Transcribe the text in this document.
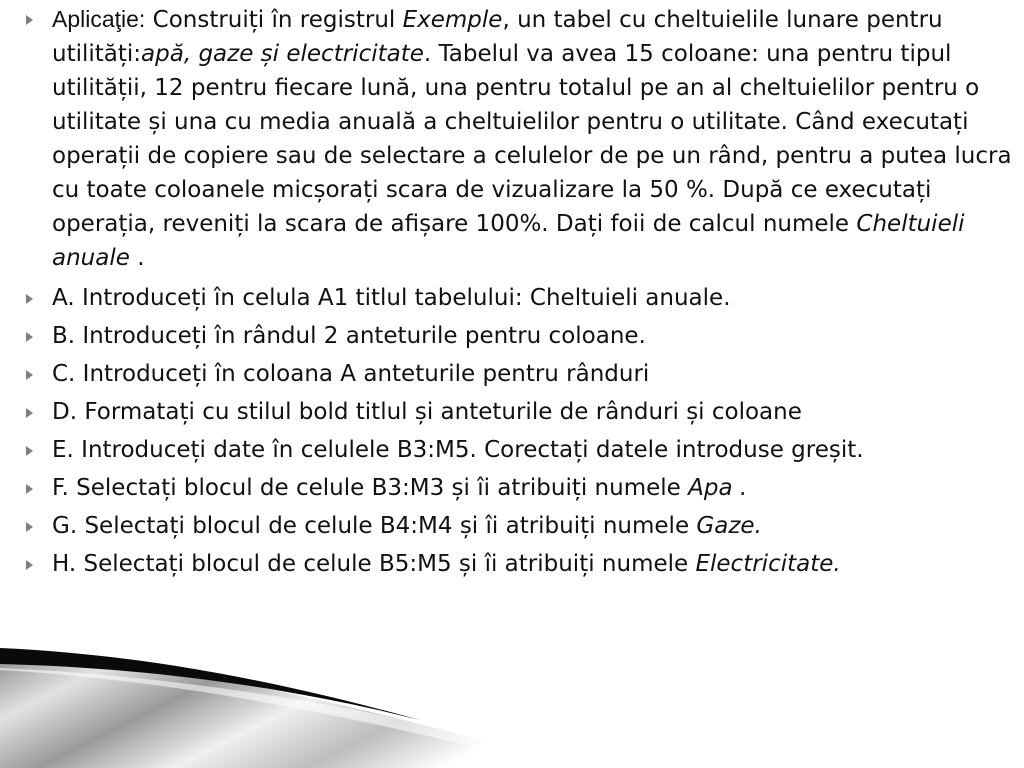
Aplicaţie: Construiți în registrul Exemple, un tabel cu cheltuielile lunare pentru utilități:apă, gaze și electricitate. Tabelul va avea 15 coloane: una pentru tipul utilității, 12 pentru fiecare lună, una pentru totalul pe an al cheltuielilor pentru o utilitate și una cu media anuală a cheltuielilor pentru o utilitate. Când executați operații de copiere sau de selectare a celulelor de pe un rând, pentru a putea lucra cu toate coloanele micșorați scara de vizualizare la 50 %. După ce executați operația, reveniți la scara de afișare 100%. Dați foii de calcul numele Cheltuieli anuale .
A. Introduceți în celula A1 titlul tabelului: Cheltuieli anuale.
B. Introduceți în rândul 2 anteturile pentru coloane.
C. Introduceți în coloana A anteturile pentru rânduri
D. Formatați cu stilul bold titlul și anteturile de rânduri și coloane
E. Introduceți date în celulele B3:M5. Corectați datele introduse greșit.
F. Selectați blocul de celule B3:M3 și îi atribuiți numele Apa .
G. Selectați blocul de celule B4:M4 și îi atribuiți numele Gaze.
H. Selectați blocul de celule B5:M5 și îi atribuiți numele Electricitate.
